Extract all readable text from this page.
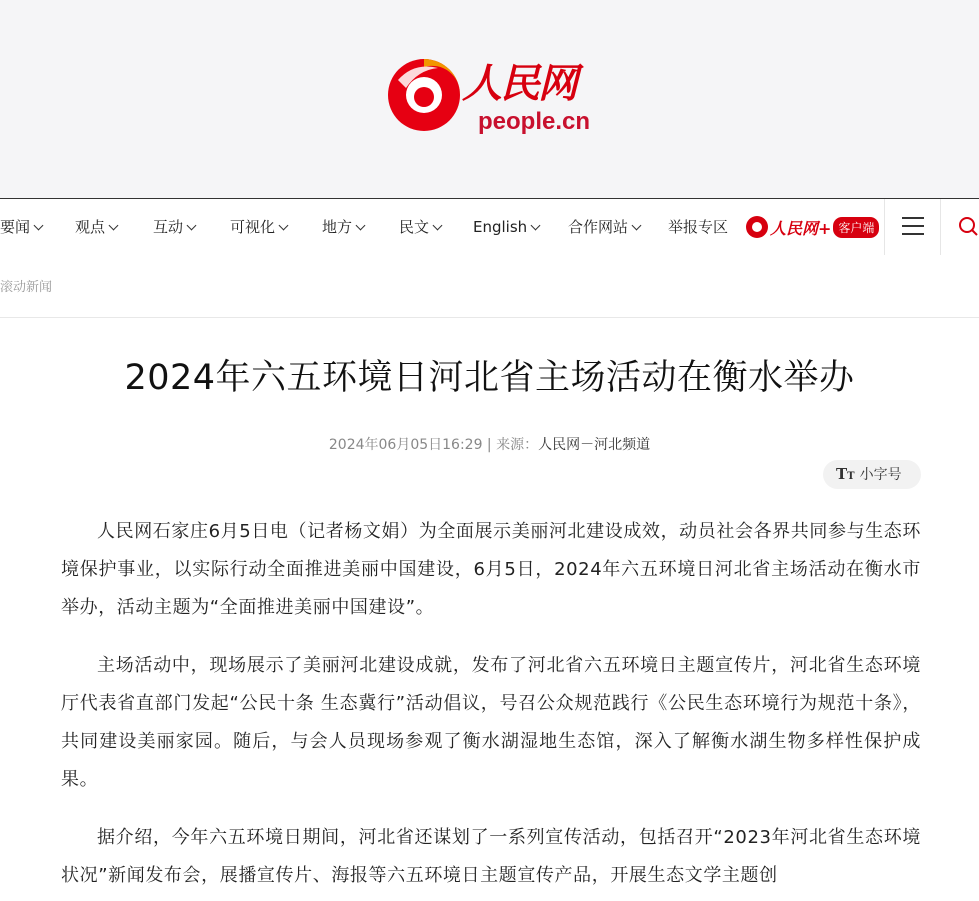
人民网
people.cn
要闻	观点	互动	可视化	地方	民文	English	合作网站	举报专区	人民网+ 客户端
滚动新闻
2024年六五环境日河北省主场活动在衡水举办
2024年06月05日16:29 | 来源：人民网－河北频道
TT 小字号

人民网石家庄6月5日电（记者杨文娟）为全面展示美丽河北建设成效，动员社会各界共同参与生态环境保护事业，以实际行动全面推进美丽中国建设，6月5日，2024年六五环境日河北省主场活动在衡水市举办，活动主题为“全面推进美丽中国建设”。

主场活动中，现场展示了美丽河北建设成就，发布了河北省六五环境日主题宣传片，河北省生态环境厅代表省直部门发起“公民十条 生态冀行”活动倡议，号召公众规范践行《公民生态环境行为规范十条》，共同建设美丽家园。随后，与会人员现场参观了衡水湖湿地生态馆，深入了解衡水湖生物多样性保护成果。

据介绍，今年六五环境日期间，河北省还谋划了一系列宣传活动，包括召开“2023年河北省生态环境状况”新闻发布会，展播宣传片、海报等六五环境日主题宣传产品，开展生态文学主题创
